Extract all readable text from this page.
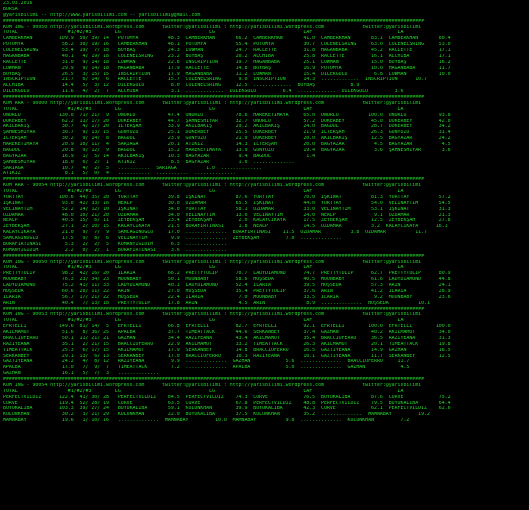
23.03.2016
BURSA
@yarisbilimi -- http://www.yarisbilimi.com -- yarisbilimi@gmail.com
###############################################################################################################################################
KUM ING - 90050 http://yarisbilimi.wordpress.com      twitter:@yarisbilimi : http://yarisbilimi.wordpress.com             twitter:@yarisbilimi
TOTAL                 #1/#2/#3        LG                              LG                              LAF                             LA
CAMBERKHAN         109.9  50/ 39/ 14   POTOMYA          48.3  CAMBERKHAN       66.2  CAMBERKHAN       41.0  CAMBERKHAN       83.1  CAMBERKHAN       80.4
POTOMYA             58.2  30/ 19/ 16   CAMBERKHAN       46.1  POTOMYA          55.4  POTOMYA          30.7  COLENELSRING     63.0  COLENELSRING     53.0
COLENELSRING        53.4  19/  7/ 18   BOYBAŞ           24.3  LOWMAN           24.7  RACLETTE         31.8  HAGANBABA        45.2  RACLETTE         17.1
HAGANBABA           40.1   4/ 19/ 18   COLENELSRING     23.2  BOYBAŞ           20.2  ALCHIBA          25.8  RACLETTE         16.1  ALCHIBA          17.1
RACLETTE            31.0   9/ 14/ 18   LOWMAN           22.8  INSCRIPTION      19.7  HAGANBABA        25.1  LOWMAN           15.0  BOYBAŞ           16.2
LOWMAN              29.9   9/ 14/ 18   HAGANBABA        17.9  RACLETTE         14.8  BOYBAŞ           16.9  POTOMYA          10.0  HAGANBABA        11.7
BOYBAŞ              26.5   3/ 15/ 15   INSCRIPTION      17.9  HAGANBABA        11.2  LOWMAN           15.4  DİLEKGÜLÜ         6.8  LOWMAN           10.0
INSCRIPTION         21.7   6/ 14/  6   RACLETTE         15.7  COLENELSRING      9.0  INSCRIPTION      14.3  .............  INSCRIPTION      10.7
ALCHIBA             14.4   5/  3/ 12   DİLEKGÜLÜ         8.0  COLENELSRING     12.5  .............  BOYBAŞ            8.9
DİLEKGÜLÜ           11.6   4/  2/  7   ALCHIBA           3.1  .............  DİLEKGÜLÜ         6.4  .............  DİLEKGÜLÜ         3.6
###############################################################################################################################################
KUM ARA - 90000 http://yarisbilimi.wordpress.com      twitter:@yarisbilimi : http://yarisbilimi.wordpress.com             twitter:@yarisbilimi
TOTAL                 #1/#2/#3        LG                              LG                              LAF                             LA
ONURLU             130.0  71/ 21/  9   ONURLU           47.4  ONURLU           78.6  HAREKETİMAYA     65.0  ONURLU          100.0  ONURLU           93.8
DOKERBEY            62.2  11/ 17/ 20   DOKERBEY         44.7  ŞAHNESHIYAR      32.7  ONURLU           57.2  DOKERBEY         45.0  DOKERBEY         42.0
AKILBAKIŞ           30.7   4/ 17/ 20   İLTERŞAH         33.9  AKILBAKIŞ        29.2  AKILBAKIŞ        24.0  BAĞDÜL           28.7  DOKERBEY         34.2
ŞAHNESHIYAR         30.7   9/ 13/ 15   GÜNYÜZÜ          25.1  DOKERBEY         25.5  DOKERBEY         21.9  İLTERŞAH         26.3  GÜNYÜZÜ          31.4
İLTERŞAH            30.2   9/ 14/  8   BAĞDÜL           23.9  GÜNYÜZÜ          21.0  DOKERBEY         20.0  AKILBAKIŞ        12.5  BAĞYAZAR         24.2
HAREKETİMAYA        20.9  10/ 11/  4   SARIAĞA          20.1  ATIKIZ           14.3  İLTERŞAH         20.0  BAĞYAZAR          4.5  BAĞYAZAR          4.5
BAĞDÜL              20.8   9/ 12/  9   BAĞDÜL           15.2  HAREKETİMAYA     13.9  GÜNYÜZÜ          19.4  BAĞYAZAR          3.6  ŞAHNESHIYAR       3.6
BAĞYAZAR            16.9   1/  5/ 14   AKILBAKIŞ        10.3  BAĞYAZAR          9.4  BAĞDÜL            1.4
ŞAHNESHIYAR         18.0   6/  2/  1   ATIKIZ            8.5  BAĞYAZAR          1.0  ..............
SARIAĞA             10.7   4/  2/  5   ...........  SARIAĞA          1.0  ..............
ATIKIZ               8.1   5/  0/  4   ...........  ...........  ..............
###############################################################################################################################################
KUM ARA - 90054 http://yarisbilimi.wordpress.com      twitter:@yarisbilimi : http://yarisbilimi.wordpress.com             twitter:@yarisbilimi
TOTAL                 #1/#2/#3        LG                              LG                              LAF                             LA
YURTTAY            100.6  44/ 35/ 20   YURTTAY          39.8  İŞKİNAT          87.6  YURTTAY          70.0  İŞKİNAT          81.3  YURTTAY          57.2
İŞKİNAT             93.0  42/ 33/ 16   NEALP            30.0  ÖZDAMAR          65.5  İŞKİNAT          44.0  YURTTAY          54.0  VELİNAYTİM       54.5
VELİNAYTİM          52.2  14/ 12/ 10   İŞKİNAT          34.0  YURTTAY          58.1  ÖZDAMAR          33.0  VELİNAYTİM       53.1  İŞKİNAT          31.3
ÖZDAMAR             48.0  10/ 21/ 20   ÖZDAMAR          34.0  VELİNAYTİM       13.0  VELİNAYTİM       24.0  NEALP             9.1  ÖZDAMAR          21.3
NEALP               40.5  15/  6/ 11   ZEYBEKŞAH        23.4  ZEYBEKŞAH         2.0  KALAYCIKAYA      17.5  ZEYBEKŞAH        12.5  ZEYBEKŞAH        27.8
ZEYBEKŞAH           27.1   2/ 10/ 15   KALAYCIKAYA      21.5  BORAFİRTINASI     1.8  NEALP            14.5  ÖZDAMAR          3.2  KALAYCIKAYA      16.1
KALAYCIKAYA         21.0   9/  7/  9   SAMCAĞINOĞLU     17.0  ..............  BORAFİRTINASI    11.5  ÖZDAMAR          3.8  ÖZDAMAR          11.7
SAMCAĞINOĞLU        17.5   9/  8/  6   VELİNAYTİM        9.9  ..............  ZEYBEKŞAH         7.0  ..............
BORAFİRTINASI        5.3   2/  2/  5   KOMANYİĞİDİM      6.3  ..............
KOMANYİĞİDİM         2.2   0/  2/  1   BORAFİRTINASI     3.6  ..............
###############################################################################################################################################
KUM ING - 90050 http://yarisbilimi.wordpress.com      twitter:@yarisbilimi : http://yarisbilimi.wordpress.com             twitter:@yarisbilimi
TOTAL                 #1/#2/#3        LG                              LG                              LAF                             LA
PRETTYTULIP         98.2  42/ 16/ 20   ILARIA           66.2  PRETTYTULIP      70.7  LADYDIAMOND      74.7  PRETTYTULIP      62.7  PRETTYTULIP      80.9
MOONBABY            76.3  23/ 34/ 23   MOONBABY         50.1  MOONBABY         58.6  HOŞSEDA          40.5  MOONBABY         61.6  LADYDIAMOND      44.8
LADYDIAMOND         75.2  41/ 11/ 33   LADYDIAMOND      40.1  LADYDIAMOND      52.4  ILARIA           39.5  HOŞSEDA          57.3  ARIN             24.1
HOŞSEDA             60.6  20/ 11/ 22   ARIN             27.0  HOŞSEDA          35.4  PRETTYTULIP      37.6  ARIN             41.2  ILARIA           28.9
ILARIA              56.7  17/ 21/ 22   HOŞSEDA          22.4  ILARIA            7.0  MOONBABY         33.5  ILARIA            9.2  MOONBABY         23.6
ARIN                40.4   7/ 13/ 18   PRETTYTULIP      17.8  ARIN              4.5  ARIN              8.9  ..............  HOŞSEDA          10.1
###############################################################################################################################################
KUM ING - 90053 http://yarisbilimi.wordpress.com      twitter:@yarisbilimi : http://yarisbilimi.wordpress.com             twitter:@yarisbilimi
TOTAL                 #1/#2/#3        LG                              LG                              LAF                             LA
EFRTELLI           149.6  81/ 14/  5   EFRTELLI         66.8  EFRTELLI         82.7  EFRTELLI         92.1  EFRTELLI        100.0  EFRTELLI        100.0
AKILMAMUT           51.6   8/ 36/ 25   APALBA           37.7  TİMEATTACK       44.6  SERKANBEY        37.4  GAZHAN           40.2  AKILMAMUT        34.0
BRACCIOFERRO        50.1  11/ 21/ 21   GAZHAN           34.4  RAZİYEANA        43.4  AKILMAMUT        35.4  BRACCIOFERRO     36.5  RAZİYEANA        31.3
RAZİYEANA           35.1   2/ 21/ 15   BRACCIOFERRO     22.9  AKILMAMUT        33.2  TİMEATTACK       26.3  AKILMAMUT        20.1  TİMEATTACK       19.8
TİMEATTACK          25.3   6/ 17/ 15   AKILMAMUT        17.9  SERKANBEY        14.8  BRACCIOFERRO     16.5  GAZTİYEANA       14.9  GAZHAN           18.5
SERKANBEY           29.1  13/  6/ 13   SERKANBEY        17.0  BRACCIOFERRO     10.3  RAZİYEANA        10.1  GAZTİYEANA       11.7  SERKANBEY        12.5
GAZTİYEANA          24.2   4/  8/ 12   RAZİYEANA         9.9  ..............  GAZHAN            5.6  ..............  BRACCIOFERRO     11.7
APALBA              17.0   7/  9/  7   TİMEATTACK        7.2  ..............  APALBA            5.0  ..............  GAZHAN            4.5
GAZHAN              16.1   5/  7/  3   ..............
###############################################################################################################################################
KUM ING - 90054 http://yarisbilimi.wordpress.com      twitter:@yarisbilimi : http://yarisbilimi.wordpress.com             twitter:@yarisbilimi
TOTAL                 #1/#2/#3        LG                              LG                              LAF                             LA
PERFECTVILDIZ      122.4  41/ 30/ 28   PERFECTVILDIZ    84.5  PERFECTVILDIZ    74.3  CURVE            76.5  BUYUKALİBA       87.6  CURVE            75.2
CURVE              119.4  52/ 28/ 19   CURVE            63.5  CURVE            67.8  PERFECTVILDIZ    48.8  PERFECTVILDIZ    79.5  BUYUKALİBA       64.4
BUYUKALİBA         103.3  39/ 27/ 24   BUYUKALİBA       59.1  KULUNKHAN        39.9  BUYUKALİBA       42.3  CURVE            62.1  PERFECTVILDIZ    62.6
KULUNKHAN           30.2   3/ 21/ 29   KULUNKHAN        22.0  BUYUKALİBA       37.5  KULUNKHAN        35.2  ..............  MAMNABAY         19.2
MAMNABAY            19.6   1/ 10/ 16   ..............  MAMNABAY         10.0  MAMNABAY          9.0  ..............  KULUNKHAN         7.2
